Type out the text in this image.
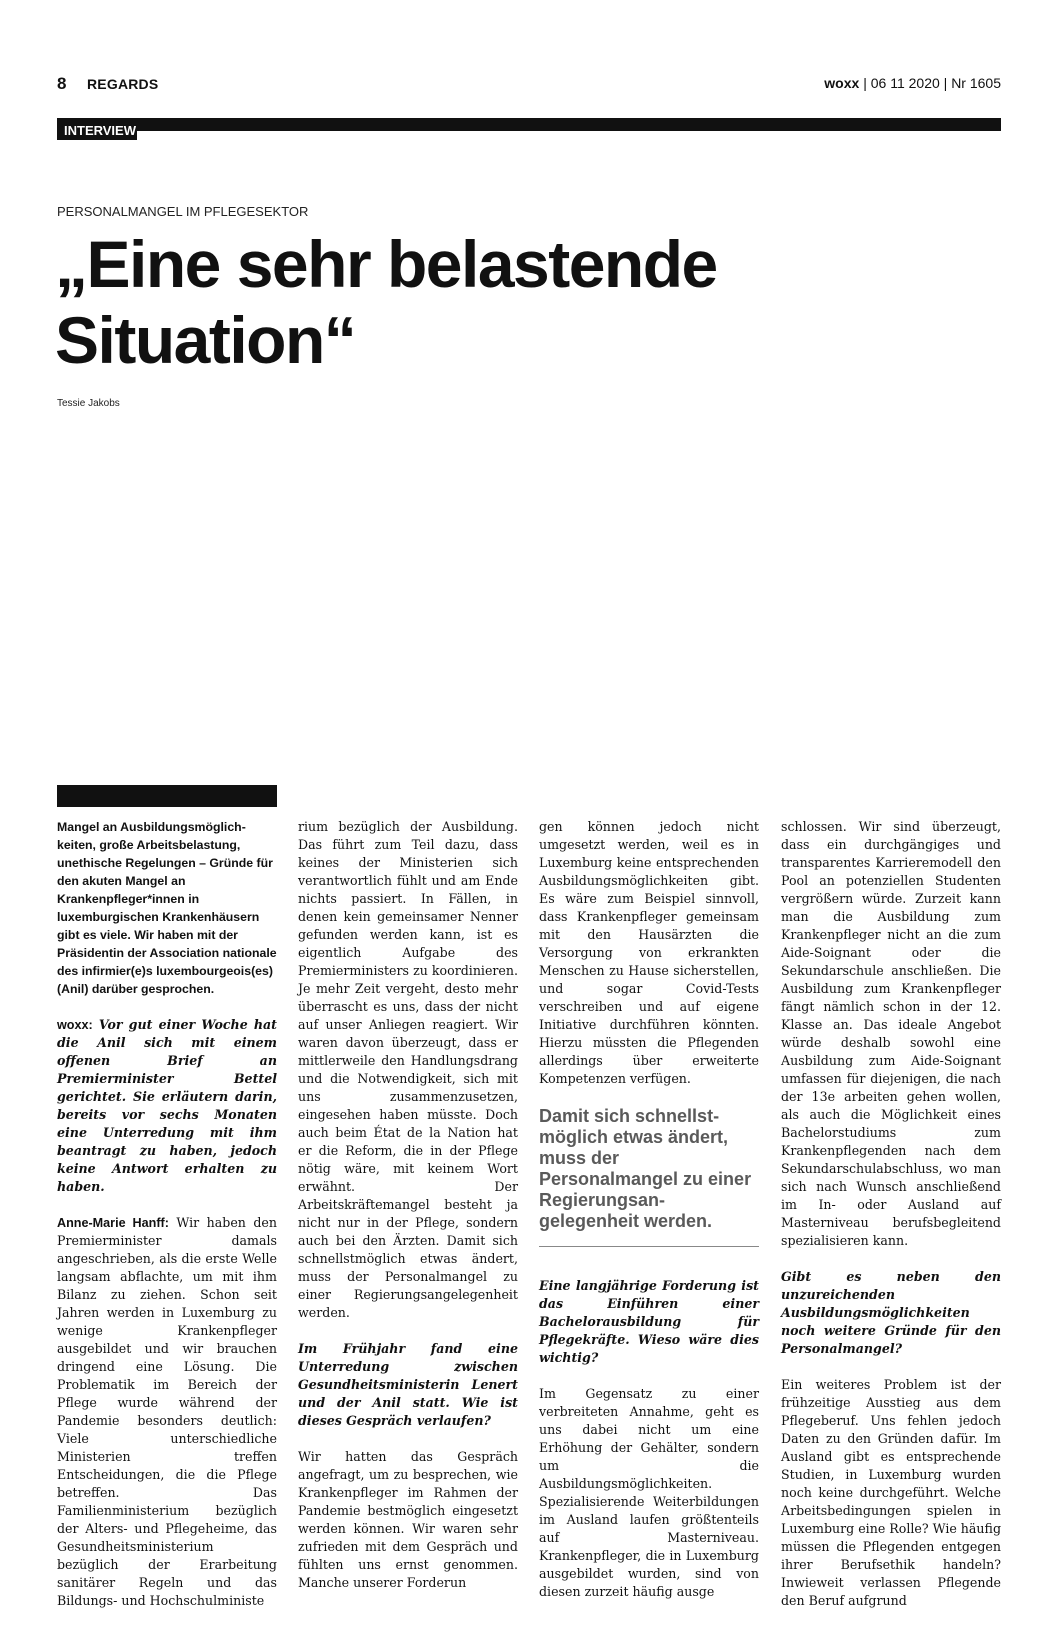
8 REGARDS	woxx | 06 11 2020 | Nr 1605
INTERVIEW
PERSONALMANGEL IM PFLEGESEKTOR
„Eine sehr belastende Situation“
Tessie Jakobs

Mangel an Ausbildungsmöglichkeiten, große Arbeitsbelastung, unethische Regelungen – Gründe für den akuten Mangel an Krankenpfleger*innen in luxemburgischen Krankenhäusern gibt es viele. Wir haben mit der Präsidentin der Association nationale des infirmier(e)s luxembourgeois(es) (Anil) darüber gesprochen.

woxx: Vor gut einer Woche hat die Anil sich mit einem offenen Brief an Premierminister Bettel gerichtet. Sie erläutern darin, bereits vor sechs Monaten eine Unterredung mit ihm beantragt zu haben, jedoch keine Antwort erhalten zu haben.

Anne-Marie Hanff: Wir haben den Premierminister damals angeschrieben, als die erste Welle langsam abflachte, um mit ihm Bilanz zu ziehen. Schon seit Jahren werden in Luxemburg zu wenige Krankenpfleger ausgebildet und wir brauchen dringend eine Lösung. Die Problematik im Bereich der Pflege wurde während der Pandemie besonders deutlich: Viele unterschiedliche Ministerien treffen Entscheidungen, die die Pflege betreffen. Das Familienministerium bezüglich der Alters- und Pflegeheime, das Gesundheitsministerium bezüglich der Erarbeitung sanitärer Regeln und das Bildungs- und Hochschulministe

rium bezüglich der Ausbildung. Das führt zum Teil dazu, dass keines der Ministerien sich verantwortlich fühlt und am Ende nichts passiert. In Fällen, in denen kein gemeinsamer Nenner gefunden werden kann, ist es eigentlich Aufgabe des Premierministers zu koordinieren. Je mehr Zeit vergeht, desto mehr überrascht es uns, dass der nicht auf unser Anliegen reagiert. Wir waren davon überzeugt, dass er mittlerweile den Handlungsdrang und die Notwendigkeit, sich mit uns zusammenzusetzen, eingesehen haben müsste. Doch auch beim État de la Nation hat er die Reform, die in der Pflege nötig wäre, mit keinem Wort erwähnt. Der Arbeitskräftemangel besteht ja nicht nur in der Pflege, sondern auch bei den Ärzten. Damit sich schnellstmöglich etwas ändert, muss der Personalmangel zu einer Regierungsangelegenheit werden.

Im Frühjahr fand eine Unterredung zwischen Gesundheitsministerin Lenert und der Anil statt. Wie ist dieses Gespräch verlaufen?

Wir hatten das Gespräch angefragt, um zu besprechen, wie Krankenpfleger im Rahmen der Pandemie bestmöglich eingesetzt werden können. Wir waren sehr zufrieden mit dem Gespräch und fühlten uns ernst genommen. Manche unserer Forderun

gen können jedoch nicht umgesetzt werden, weil es in Luxemburg keine entsprechenden Ausbildungsmöglichkeiten gibt. Es wäre zum Beispiel sinnvoll, dass Krankenpfleger gemeinsam mit den Hausärzten die Versorgung von erkrankten Menschen zu Hause sicherstellen, und sogar Covid-Tests verschreiben und auf eigene Initiative durchführen könnten. Hierzu müssten die Pflegenden allerdings über erweiterte Kompetenzen verfügen.

Damit sich schnellstmöglich etwas ändert, muss der Personalmangel zu einer Regierungsangelegenheit werden.

Eine langjährige Forderung ist das Einführen einer Bachelorausbildung für Pflegekräfte. Wieso wäre dies wichtig?

Im Gegensatz zu einer verbreiteten Annahme, geht es uns dabei nicht um eine Erhöhung der Gehälter, sondern um die Ausbildungsmöglichkeiten. Spezialisierende Weiterbildungen im Ausland laufen größtenteils auf Masterniveau. Krankenpfleger, die in Luxemburg ausgebildet wurden, sind von diesen zurzeit häufig ausge

schlossen. Wir sind überzeugt, dass ein durchgängiges und transparentes Karrieremodell den Pool an potenziellen Studenten vergrößern würde. Zurzeit kann man die Ausbildung zum Krankenpfleger nicht an die zum Aide-Soignant oder die Sekundarschule anschließen. Die Ausbildung zum Krankenpfleger fängt nämlich schon in der 12. Klasse an. Das ideale Angebot würde deshalb sowohl eine Ausbildung zum Aide-Soignant umfassen für diejenigen, die nach der 13e arbeiten gehen wollen, als auch die Möglichkeit eines Bachelorstudiums zum Krankenpflegenden nach dem Sekundarschulabschluss, wo man sich nach Wunsch anschließend im In- oder Ausland auf Masterniveau berufsbegleitend spezialisieren kann.

Gibt es neben den unzureichenden Ausbildungsmöglichkeiten noch weitere Gründe für den Personalmangel?

Ein weiteres Problem ist der frühzeitige Ausstieg aus dem Pflegeberuf. Uns fehlen jedoch Daten zu den Gründen dafür. Im Ausland gibt es entsprechende Studien, in Luxemburg wurden noch keine durchgeführt. Welche Arbeitsbedingungen spielen in Luxemburg eine Rolle? Wie häufig müssen die Pflegenden entgegen ihrer Berufsethik handeln? Inwieweit verlassen Pflegende den Beruf aufgrund
